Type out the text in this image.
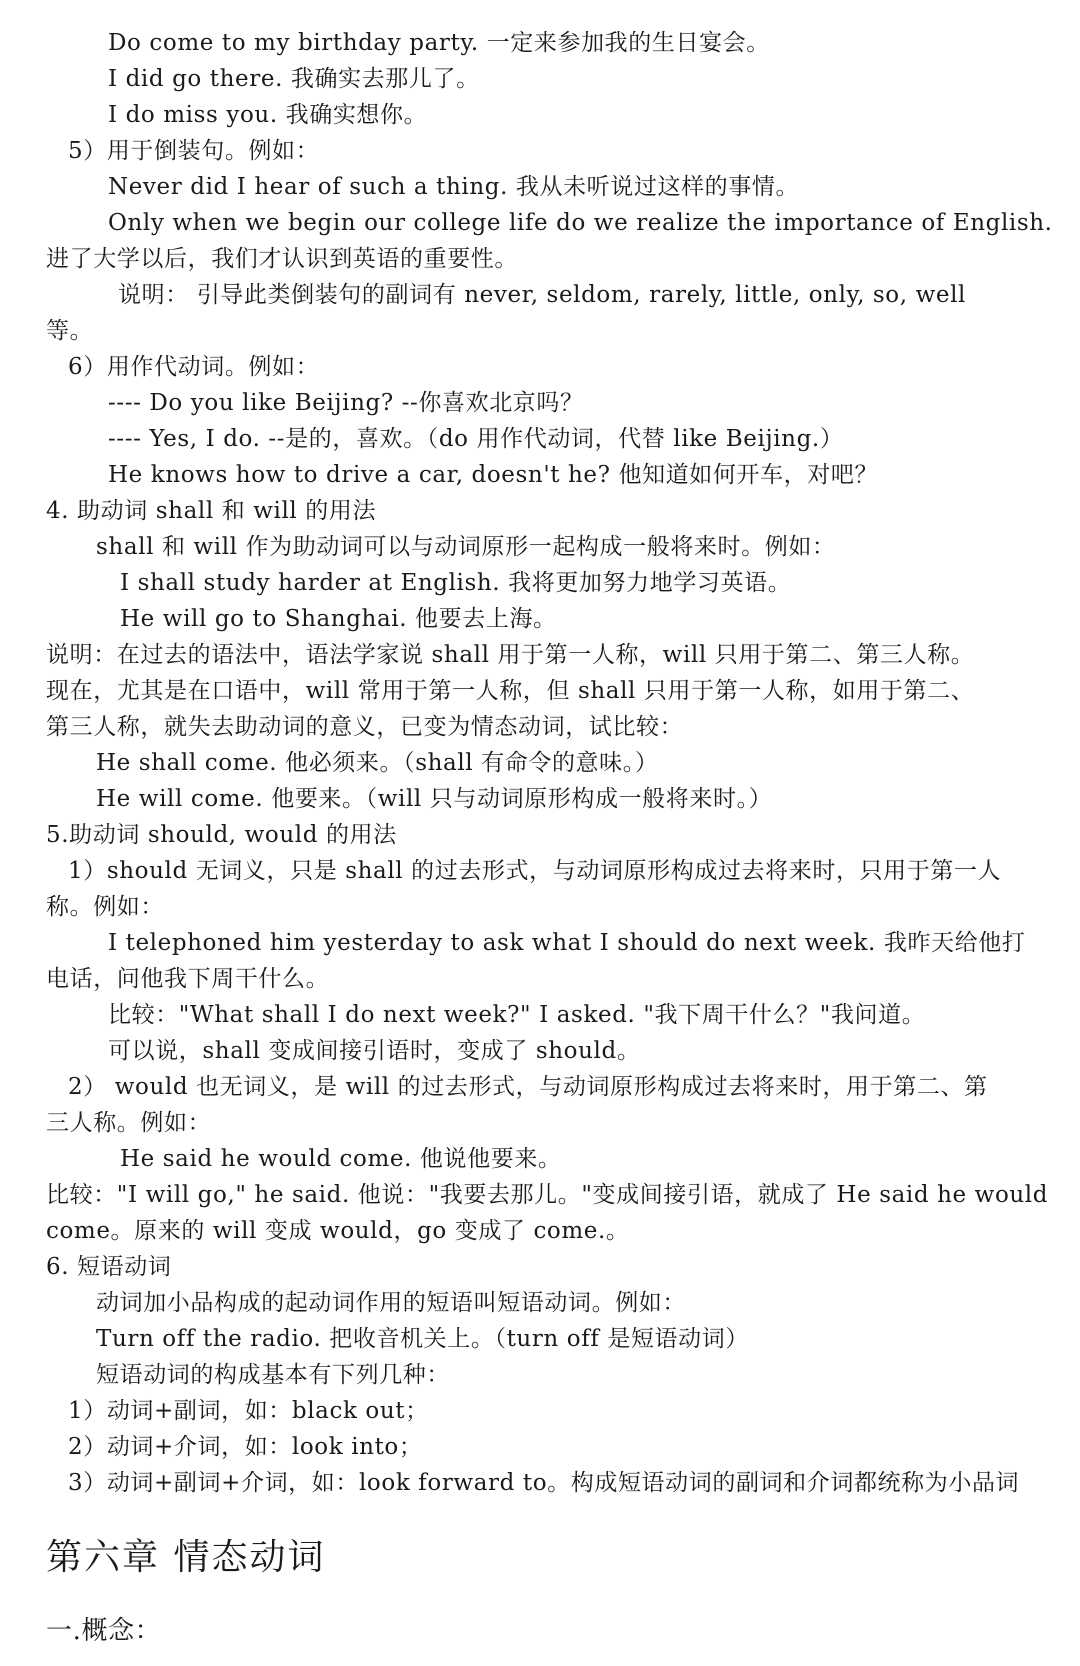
Do come to my birthday party. 一定来参加我的生日宴会。
I did go there. 我确实去那儿了。
I do miss you. 我确实想你。
5）用于倒装句。例如：
Never did I hear of such a thing. 我从未听说过这样的事情。
Only when we begin our college life do we realize the importance of English.
进了大学以后，我们才认识到英语的重要性。
说明： 引导此类倒装句的副词有 never, seldom, rarely, little, only, so, well
等。
6）用作代动词。例如：
---- Do you like Beijing? --你喜欢北京吗？
---- Yes, I do. --是的，喜欢。（do 用作代动词，代替 like Beijing.）
He knows how to drive a car, doesn't he? 他知道如何开车，对吧？
4. 助动词 shall 和 will 的用法
shall 和 will 作为助动词可以与动词原形一起构成一般将来时。例如：
I shall study harder at English. 我将更加努力地学习英语。
He will go to Shanghai. 他要去上海。
说明：在过去的语法中，语法学家说 shall 用于第一人称，will 只用于第二、第三人称。
现在，尤其是在口语中，will 常用于第一人称，但 shall 只用于第一人称，如用于第二、
第三人称，就失去助动词的意义，已变为情态动词，试比较：
He shall come. 他必须来。（shall 有命令的意味。）
He will come. 他要来。（will 只与动词原形构成一般将来时。）
5.助动词 should, would 的用法
1）should 无词义，只是 shall 的过去形式，与动词原形构成过去将来时，只用于第一人
称。例如：
I telephoned him yesterday to ask what I should do next week. 我昨天给他打
电话，问他我下周干什么。
比较："What shall I do next week?" I asked. "我下周干什么？"我问道。
可以说，shall 变成间接引语时，变成了 should。
2） would 也无词义，是 will 的过去形式，与动词原形构成过去将来时，用于第二、第
三人称。例如：
He said he would come. 他说他要来。
比较："I will go," he said. 他说："我要去那儿。"变成间接引语，就成了 He said he would
come。原来的 will 变成 would，go 变成了 come.。
6. 短语动词
动词加小品构成的起动词作用的短语叫短语动词。例如：
Turn off the radio. 把收音机关上。（turn off 是短语动词）
短语动词的构成基本有下列几种：
1）动词+副词，如：black out；
2）动词+介词，如：look into；
3）动词+副词+介词，如：look forward to。构成短语动词的副词和介词都统称为小品词
第六章 情态动词
一.概念：
